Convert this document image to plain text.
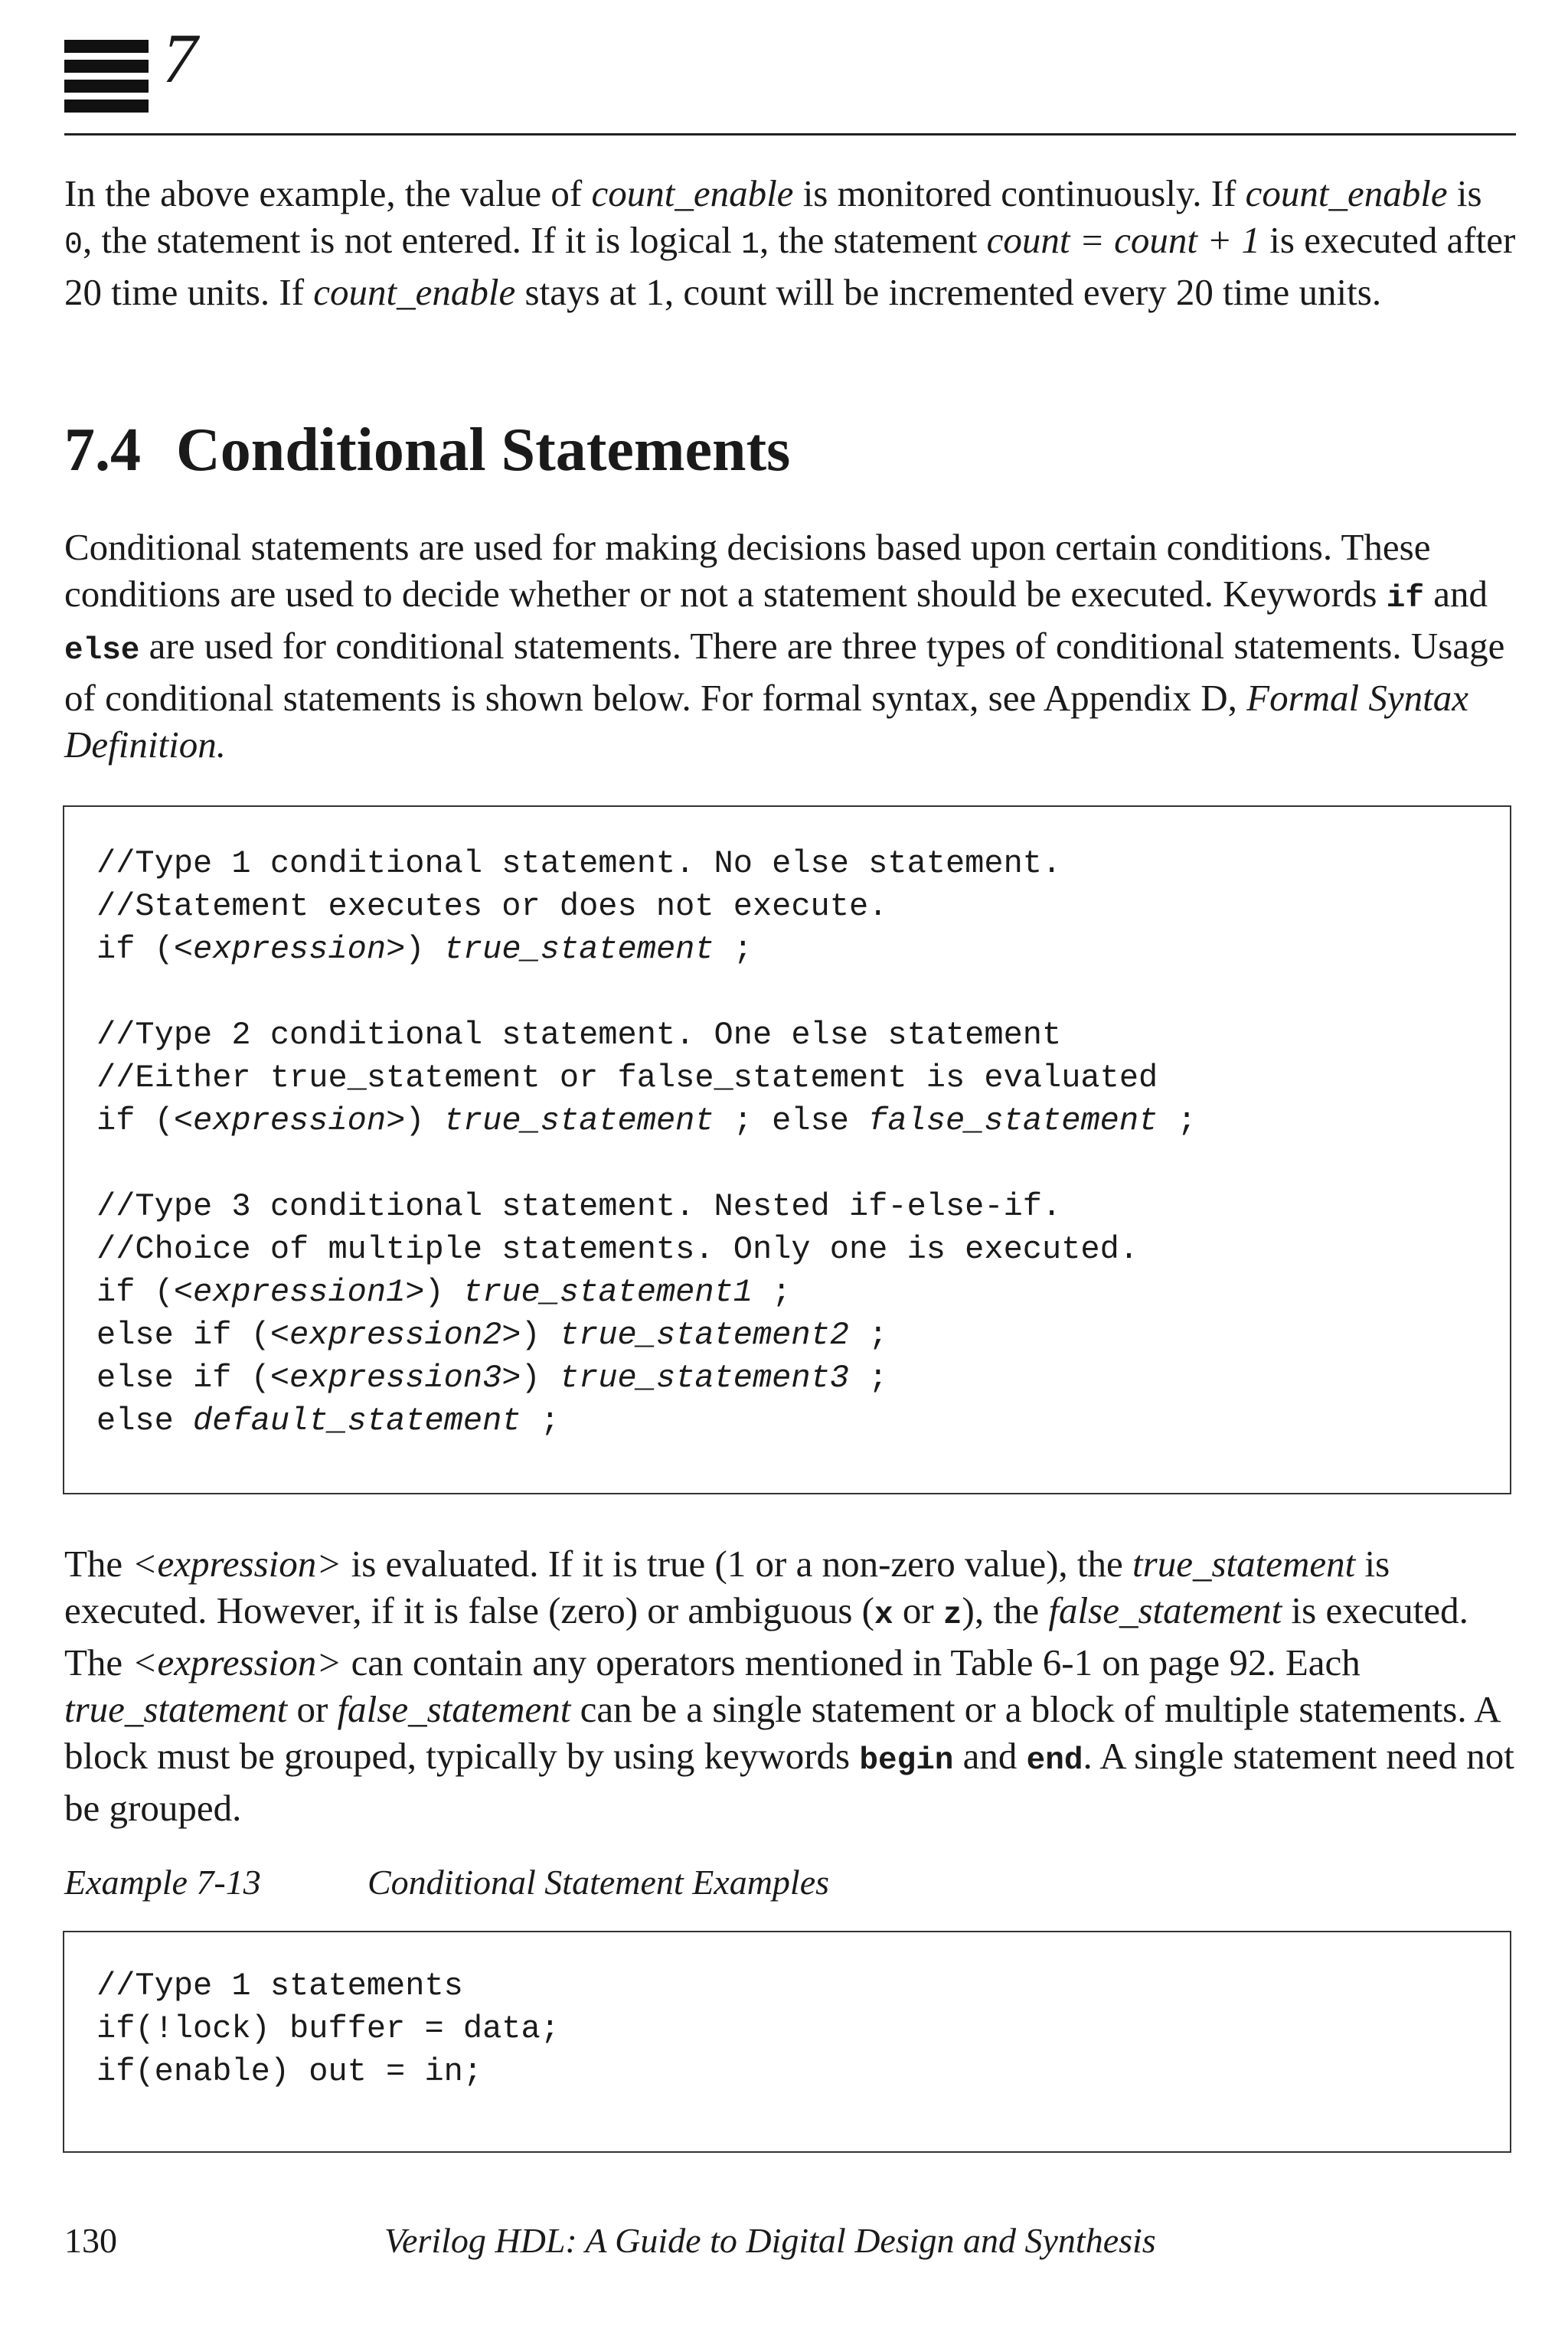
7

In the above example, the value of count_enable is monitored continuously. If count_enable is 0, the statement is not entered. If it is logical 1, the statement count = count + 1 is executed after 20 time units. If count_enable stays at 1, count will be incremented every 20 time units.

7.4 Conditional Statements

Conditional statements are used for making decisions based upon certain conditions. These conditions are used to decide whether or not a statement should be executed. Keywords if and else are used for conditional statements. There are three types of conditional statements. Usage of conditional statements is shown below. For formal syntax, see Appendix D, Formal Syntax Definition.

//Type 1 conditional statement. No else statement.
//Statement executes or does not execute.
if (<expression>) true_statement ;

//Type 2 conditional statement. One else statement
//Either true_statement or false_statement is evaluated
if (<expression>) true_statement ; else false_statement ;

//Type 3 conditional statement. Nested if-else-if.
//Choice of multiple statements. Only one is executed.
if (<expression1>) true_statement1 ;
else if (<expression2>) true_statement2 ;
else if (<expression3>) true_statement3 ;
else default_statement ;

The <expression> is evaluated. If it is true (1 or a non-zero value), the true_statement is executed. However, if it is false (zero) or ambiguous (x or z), the false_statement is executed. The <expression> can contain any operators mentioned in Table 6-1 on page 92. Each true_statement or false_statement can be a single statement or a block of multiple statements. A block must be grouped, typically by using keywords begin and end. A single statement need not be grouped.

Example 7-13	Conditional Statement Examples
//Type 1 statements
if(!lock) buffer = data;
if(enable) out = in;
130	Verilog HDL: A Guide to Digital Design and Synthesis
